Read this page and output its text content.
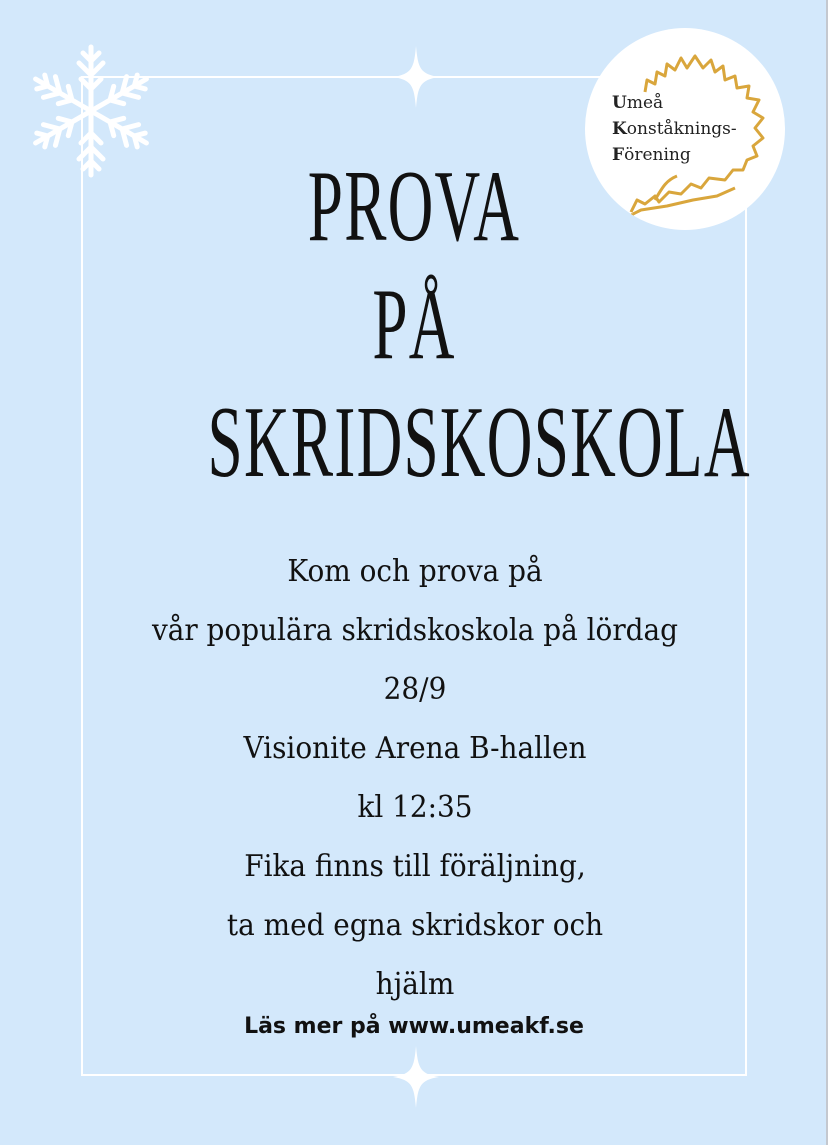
Umeå
Konståknings-
Förening
PROVA
PÅ
SKRIDSKOSKOLA
Kom och prova på
vår populära skridskoskola på lördag
28/9
Visionite Arena B-hallen
kl 12:35
Fika finns till föräljning,
ta med egna skridskor och
hjälm
Läs mer på www.umeakf.se
